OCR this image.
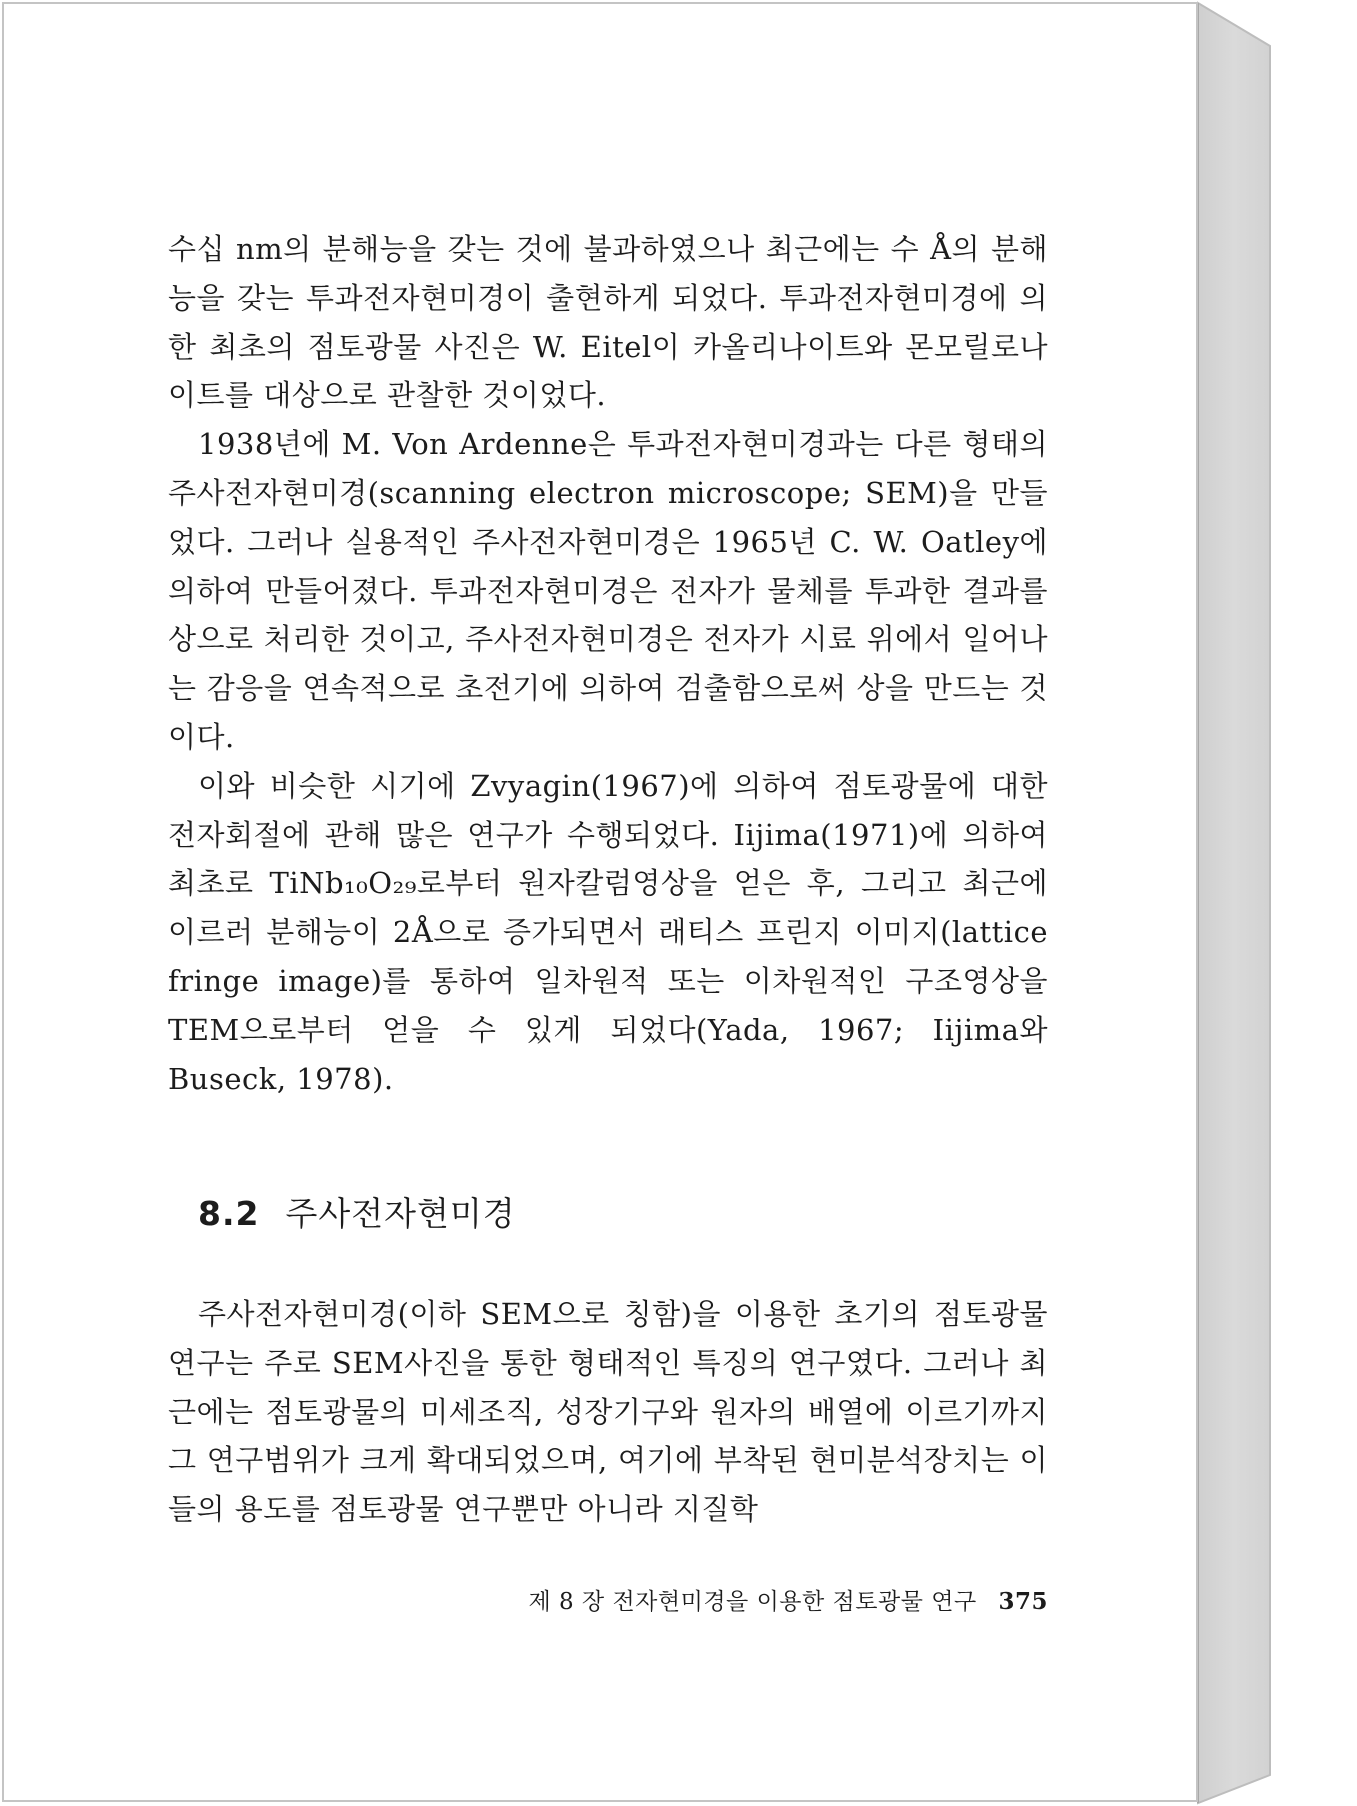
수십 nm의 분해능을 갖는 것에 불과하였으나 최근에는 수 Å의 분해능을 갖는 투과전자현미경이 출현하게 되었다. 투과전자현미경에 의한 최초의 점토광물 사진은 W. Eitel이 카올리나이트와 몬모릴로나이트를 대상으로 관찰한 것이었다.

1938년에 M. Von Ardenne은 투과전자현미경과는 다른 형태의 주사전자현미경(scanning electron microscope; SEM)을 만들었다. 그러나 실용적인 주사전자현미경은 1965년 C. W. Oatley에 의하여 만들어졌다. 투과전자현미경은 전자가 물체를 투과한 결과를 상으로 처리한 것이고, 주사전자현미경은 전자가 시료 위에서 일어나는 감응을 연속적으로 초전기에 의하여 검출함으로써 상을 만드는 것이다.

이와 비슷한 시기에 Zvyagin(1967)에 의하여 점토광물에 대한 전자회절에 관해 많은 연구가 수행되었다. Iijima(1971)에 의하여 최초로 TiNb₁₀O₂₉로부터 원자칼럼영상을 얻은 후, 그리고 최근에 이르러 분해능이 2Å으로 증가되면서 래티스 프린지 이미지(lattice fringe image)를 통하여 일차원적 또는 이차원적인 구조영상을 TEM으로부터 얻을 수 있게 되었다(Yada, 1967; Iijima와 Buseck, 1978).

8.2 주사전자현미경

주사전자현미경(이하 SEM으로 칭함)을 이용한 초기의 점토광물 연구는 주로 SEM사진을 통한 형태적인 특징의 연구였다. 그러나 최근에는 점토광물의 미세조직, 성장기구와 원자의 배열에 이르기까지 그 연구범위가 크게 확대되었으며, 여기에 부착된 현미분석장치는 이들의 용도를 점토광물 연구뿐만 아니라 지질학

제 8 장 전자현미경을 이용한 점토광물 연구 375
